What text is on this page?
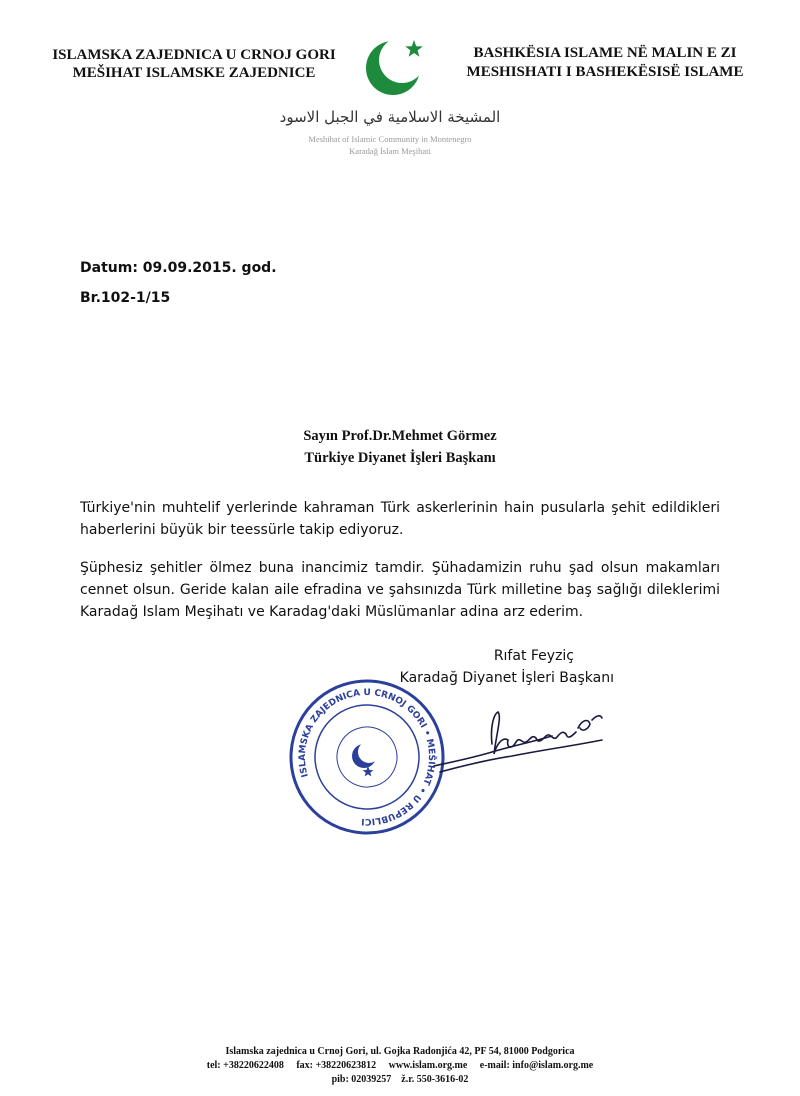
ISLAMSKA ZAJEDNICA U CRNOJ GORI
MEŠIHAT ISLAMSKE ZAJEDNICE
BASHKËSIA ISLAME NË MALIN E ZI
MESHISHATI I BASHEKËSISË ISLAME
المشيخة الاسلامية في الجبل الاسود
Meshihat of Islamic Community in Montenegro
Karadağ İslam Meşihati
Datum: 09.09.2015. god.
Br.102-1/15
Sayın Prof.Dr.Mehmet Görmez
Türkiye Diyanet İşleri Başkanı
Türkiye'nin muhtelif yerlerinde kahraman Türk askerlerinin hain pusularla şehit edildikleri haberlerini büyük bir teessürle takip ediyoruz.
Şüphesiz şehitler ölmez buna inancimiz tamdir. Şühadamizin ruhu şad olsun makamları cennet olsun. Geride kalan aile efradina ve şahsınızda Türk milletine baş sağlığı dileklerimi Karadağ Islam Meşihatı ve Karadag'daki Müslümanlar adina arz ederim.
Rıfat Feyziç
Karadağ Diyanet İşleri Başkanı
ISLAMSKA ZAJEDNICA U CRNOJ GORI • MEŠIHAT • U REPUBLICI
Islamska zajednica u Crnoj Gori, ul. Gojka Radonjića 42, PF 54, 81000 Podgorica
tel: +38220622408     fax: +38220623812     www.islam.org.me     e-mail: info@islam.org.me
pib: 02039257    ž.r. 550-3616-02
